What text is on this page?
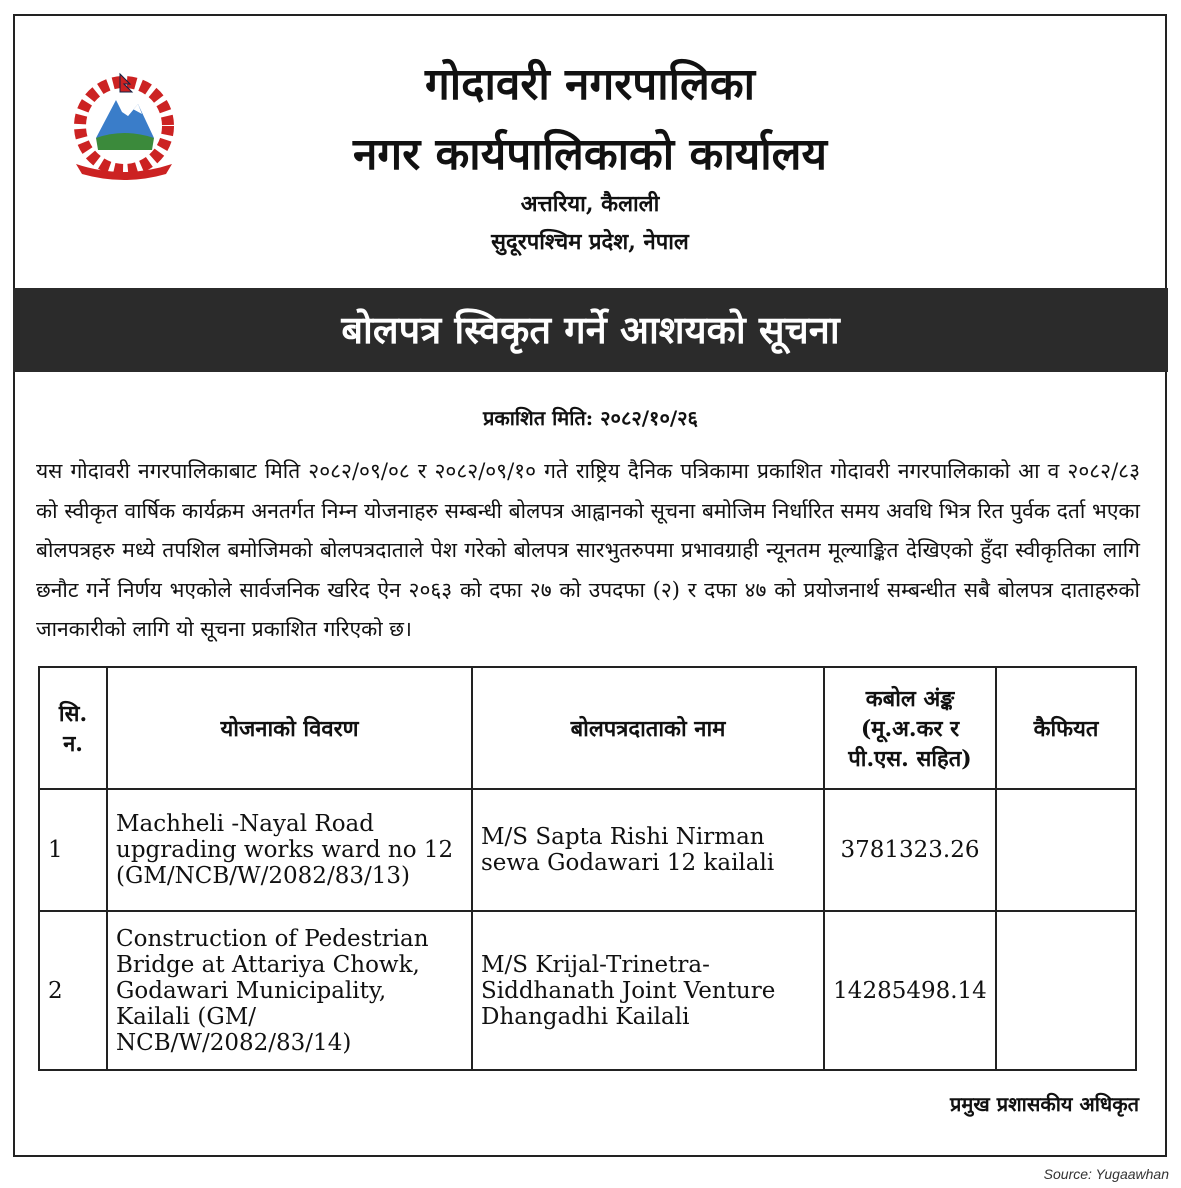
गोदावरी नगरपालिका
नगर कार्यपालिकाको कार्यालय
अत्तरिया, कैलाली
सुदूरपश्चिम प्रदेश, नेपाल
बोलपत्र स्विकृत गर्ने आशयको सूचना
प्रकाशित मिति: २०८२/१०/२६
यस गोदावरी नगरपालिकाबाट मिति २०८२/०९/०८ र २०८२/०९/१० गते राष्ट्रिय दैनिक पत्रिकामा प्रकाशित गोदावरी नगरपालिकाको आ व २०८२/८३ को स्वीकृत वार्षिक कार्यक्रम अनतर्गत निम्न योजनाहरु सम्बन्धी बोलपत्र आह्वानको सूचना बमोजिम निर्धारित समय अवधि भित्र रित पुर्वक दर्ता भएका बोलपत्रहरु मध्ये तपशिल बमोजिमको बोलपत्रदाताले पेश गरेको बोलपत्र सारभुतरुपमा प्रभावग्राही न्यूनतम मूल्याङ्कित देखिएको हुँदा स्वीकृतिका लागि छनौट गर्ने निर्णय भएकोले सार्वजनिक खरिद ऐन २०६३ को दफा २७ को उपदफा (२) र दफा ४७ को प्रयोजनार्थ सम्बन्धीत सबै बोलपत्र दाताहरुको जानकारीको लागि यो सूचना प्रकाशित गरिएको छ।
सि. न.	योजनाको विवरण	बोलपत्रदाताको नाम	कबोल अंङ्क (मू.अ.कर र पी.एस. सहित)	कैफियत
1	Machheli -Nayal Road upgrading works ward no 12 (GM/NCB/W/2082/83/13)	M/S Sapta Rishi Nirman sewa Godawari 12 kailali	3781323.26	
2	Construction of Pedestrian Bridge at Attariya Chowk, Godawari Municipality, Kailali (GM/ NCB/W/2082/83/14)	M/S Krijal-Trinetra-Siddhanath Joint Venture Dhangadhi Kailali	14285498.14	
प्रमुख प्रशासकीय अधिकृत
Source: Yugaawhan
